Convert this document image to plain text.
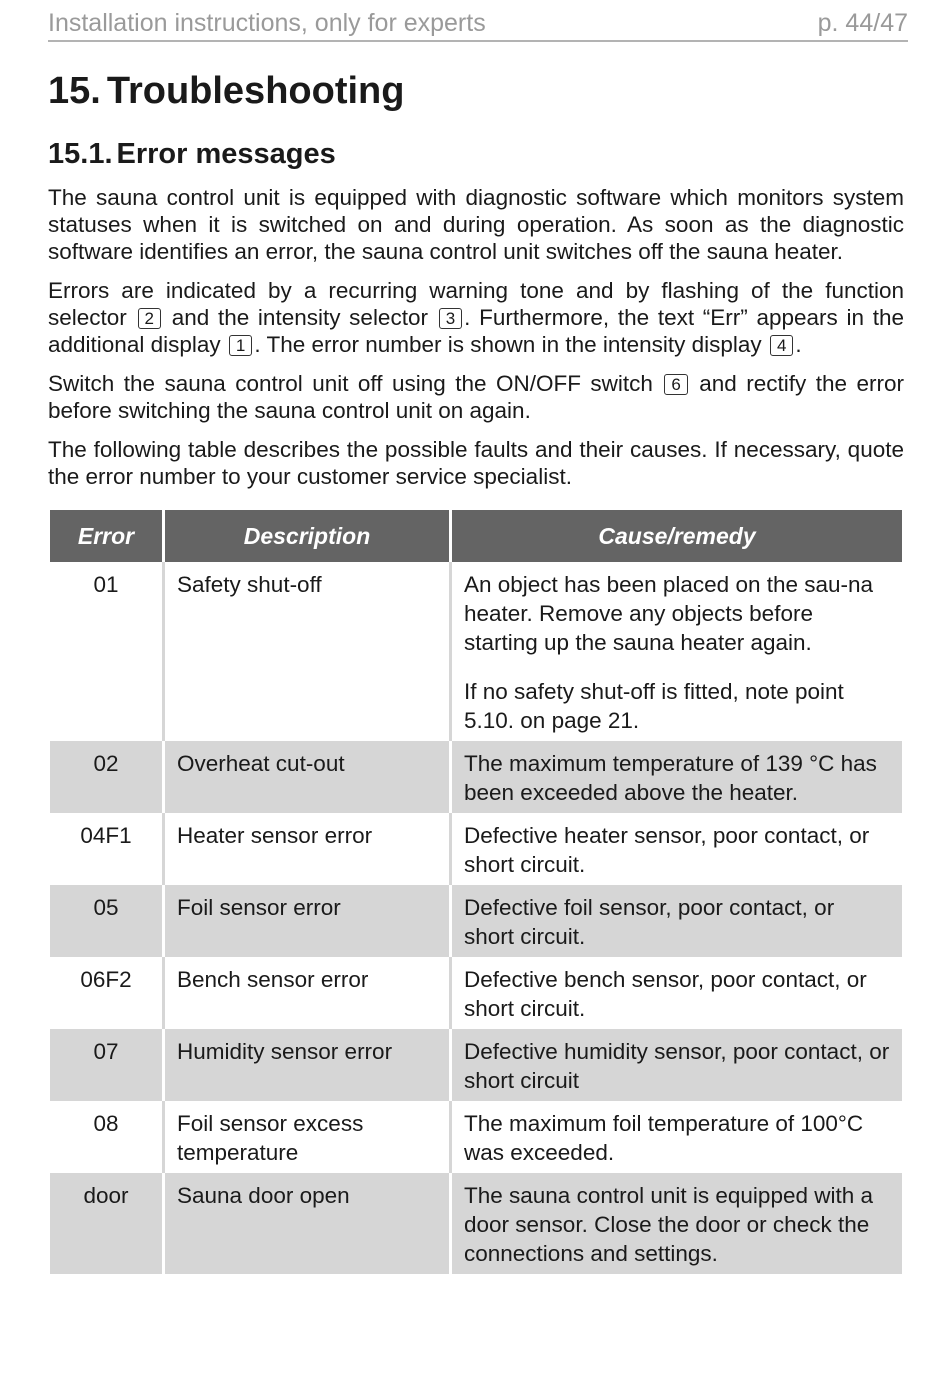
Installation instructions, only for experts	p. 44/47
15. Troubleshooting
15.1. Error messages

The sauna control unit is equipped with diagnostic software which monitors system statuses when it is switched on and during operation. As soon as the diagnostic software identifies an error, the sauna control unit switches off the sauna heater.

Errors are indicated by a recurring warning tone and by flashing of the function selector 2 and the intensity selector 3 . Furthermore, the text “Err” appears in the additional display 1 . The error number is shown in the intensity display 4 .

Switch the sauna control unit off using the ON/OFF switch 6 and rectify the error before switching the sauna control unit on again.

The following table describes the possible faults and their causes. If necessary, quote the error number to your customer service specialist.

Error	Description	Cause/remedy
01	Safety shut-off	An object has been placed on the sau-na heater. Remove any objects before starting up the sauna heater again.
If no safety shut-off is fitted, note point 5.10. on page 21.

02	Overheat cut-out	The maximum temperature of 139 °C has been exceeded above the heater.
04F1	Heater sensor error	Defective heater sensor, poor contact, or short circuit.
05	Foil sensor error	Defective foil sensor, poor contact, or short circuit.
06F2	Bench sensor error	Defective bench sensor, poor contact, or short circuit.
07	Humidity sensor error	Defective humidity sensor, poor contact, or short circuit
08	Foil sensor excess temperature	The maximum foil temperature of 100°C was exceeded.
door	Sauna door open	The sauna control unit is equipped with a door sensor. Close the door or check the connections and settings.
